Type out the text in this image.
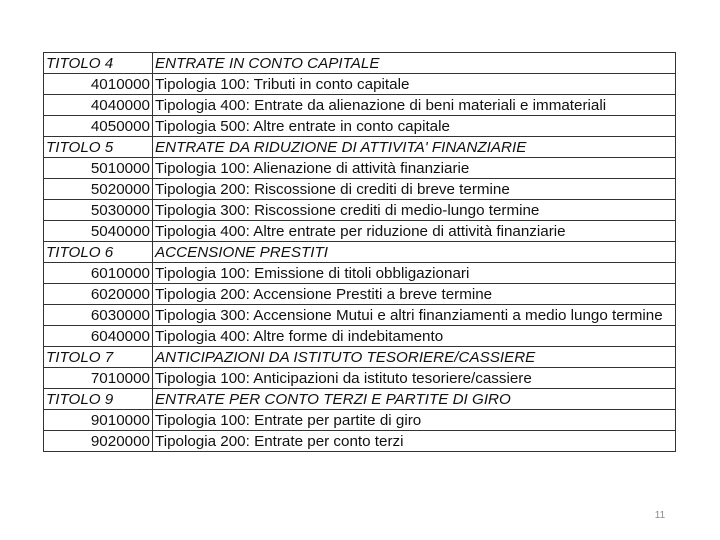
TITOLO 4	ENTRATE IN CONTO CAPITALE
4010000	Tipologia 100: Tributi in conto capitale
4040000	Tipologia 400: Entrate da alienazione di beni materiali e immateriali
4050000	Tipologia 500: Altre entrate in conto capitale
TITOLO 5	ENTRATE DA RIDUZIONE DI ATTIVITA' FINANZIARIE
5010000	Tipologia 100: Alienazione di attività finanziarie
5020000	Tipologia 200: Riscossione di crediti di breve termine
5030000	Tipologia 300: Riscossione crediti di medio-lungo termine
5040000	Tipologia 400: Altre entrate per riduzione di attività finanziarie
TITOLO 6	ACCENSIONE PRESTITI
6010000	Tipologia 100: Emissione di titoli obbligazionari
6020000	Tipologia 200: Accensione Prestiti a breve termine
6030000	Tipologia 300: Accensione Mutui e altri finanziamenti a medio lungo termine
6040000	Tipologia 400: Altre forme di indebitamento
TITOLO 7	ANTICIPAZIONI DA ISTITUTO TESORIERE/CASSIERE
7010000	Tipologia 100: Anticipazioni da istituto tesoriere/cassiere
TITOLO 9	ENTRATE PER CONTO TERZI E PARTITE DI GIRO
9010000	Tipologia 100: Entrate per partite di giro
9020000	Tipologia 200: Entrate per conto terzi
11
